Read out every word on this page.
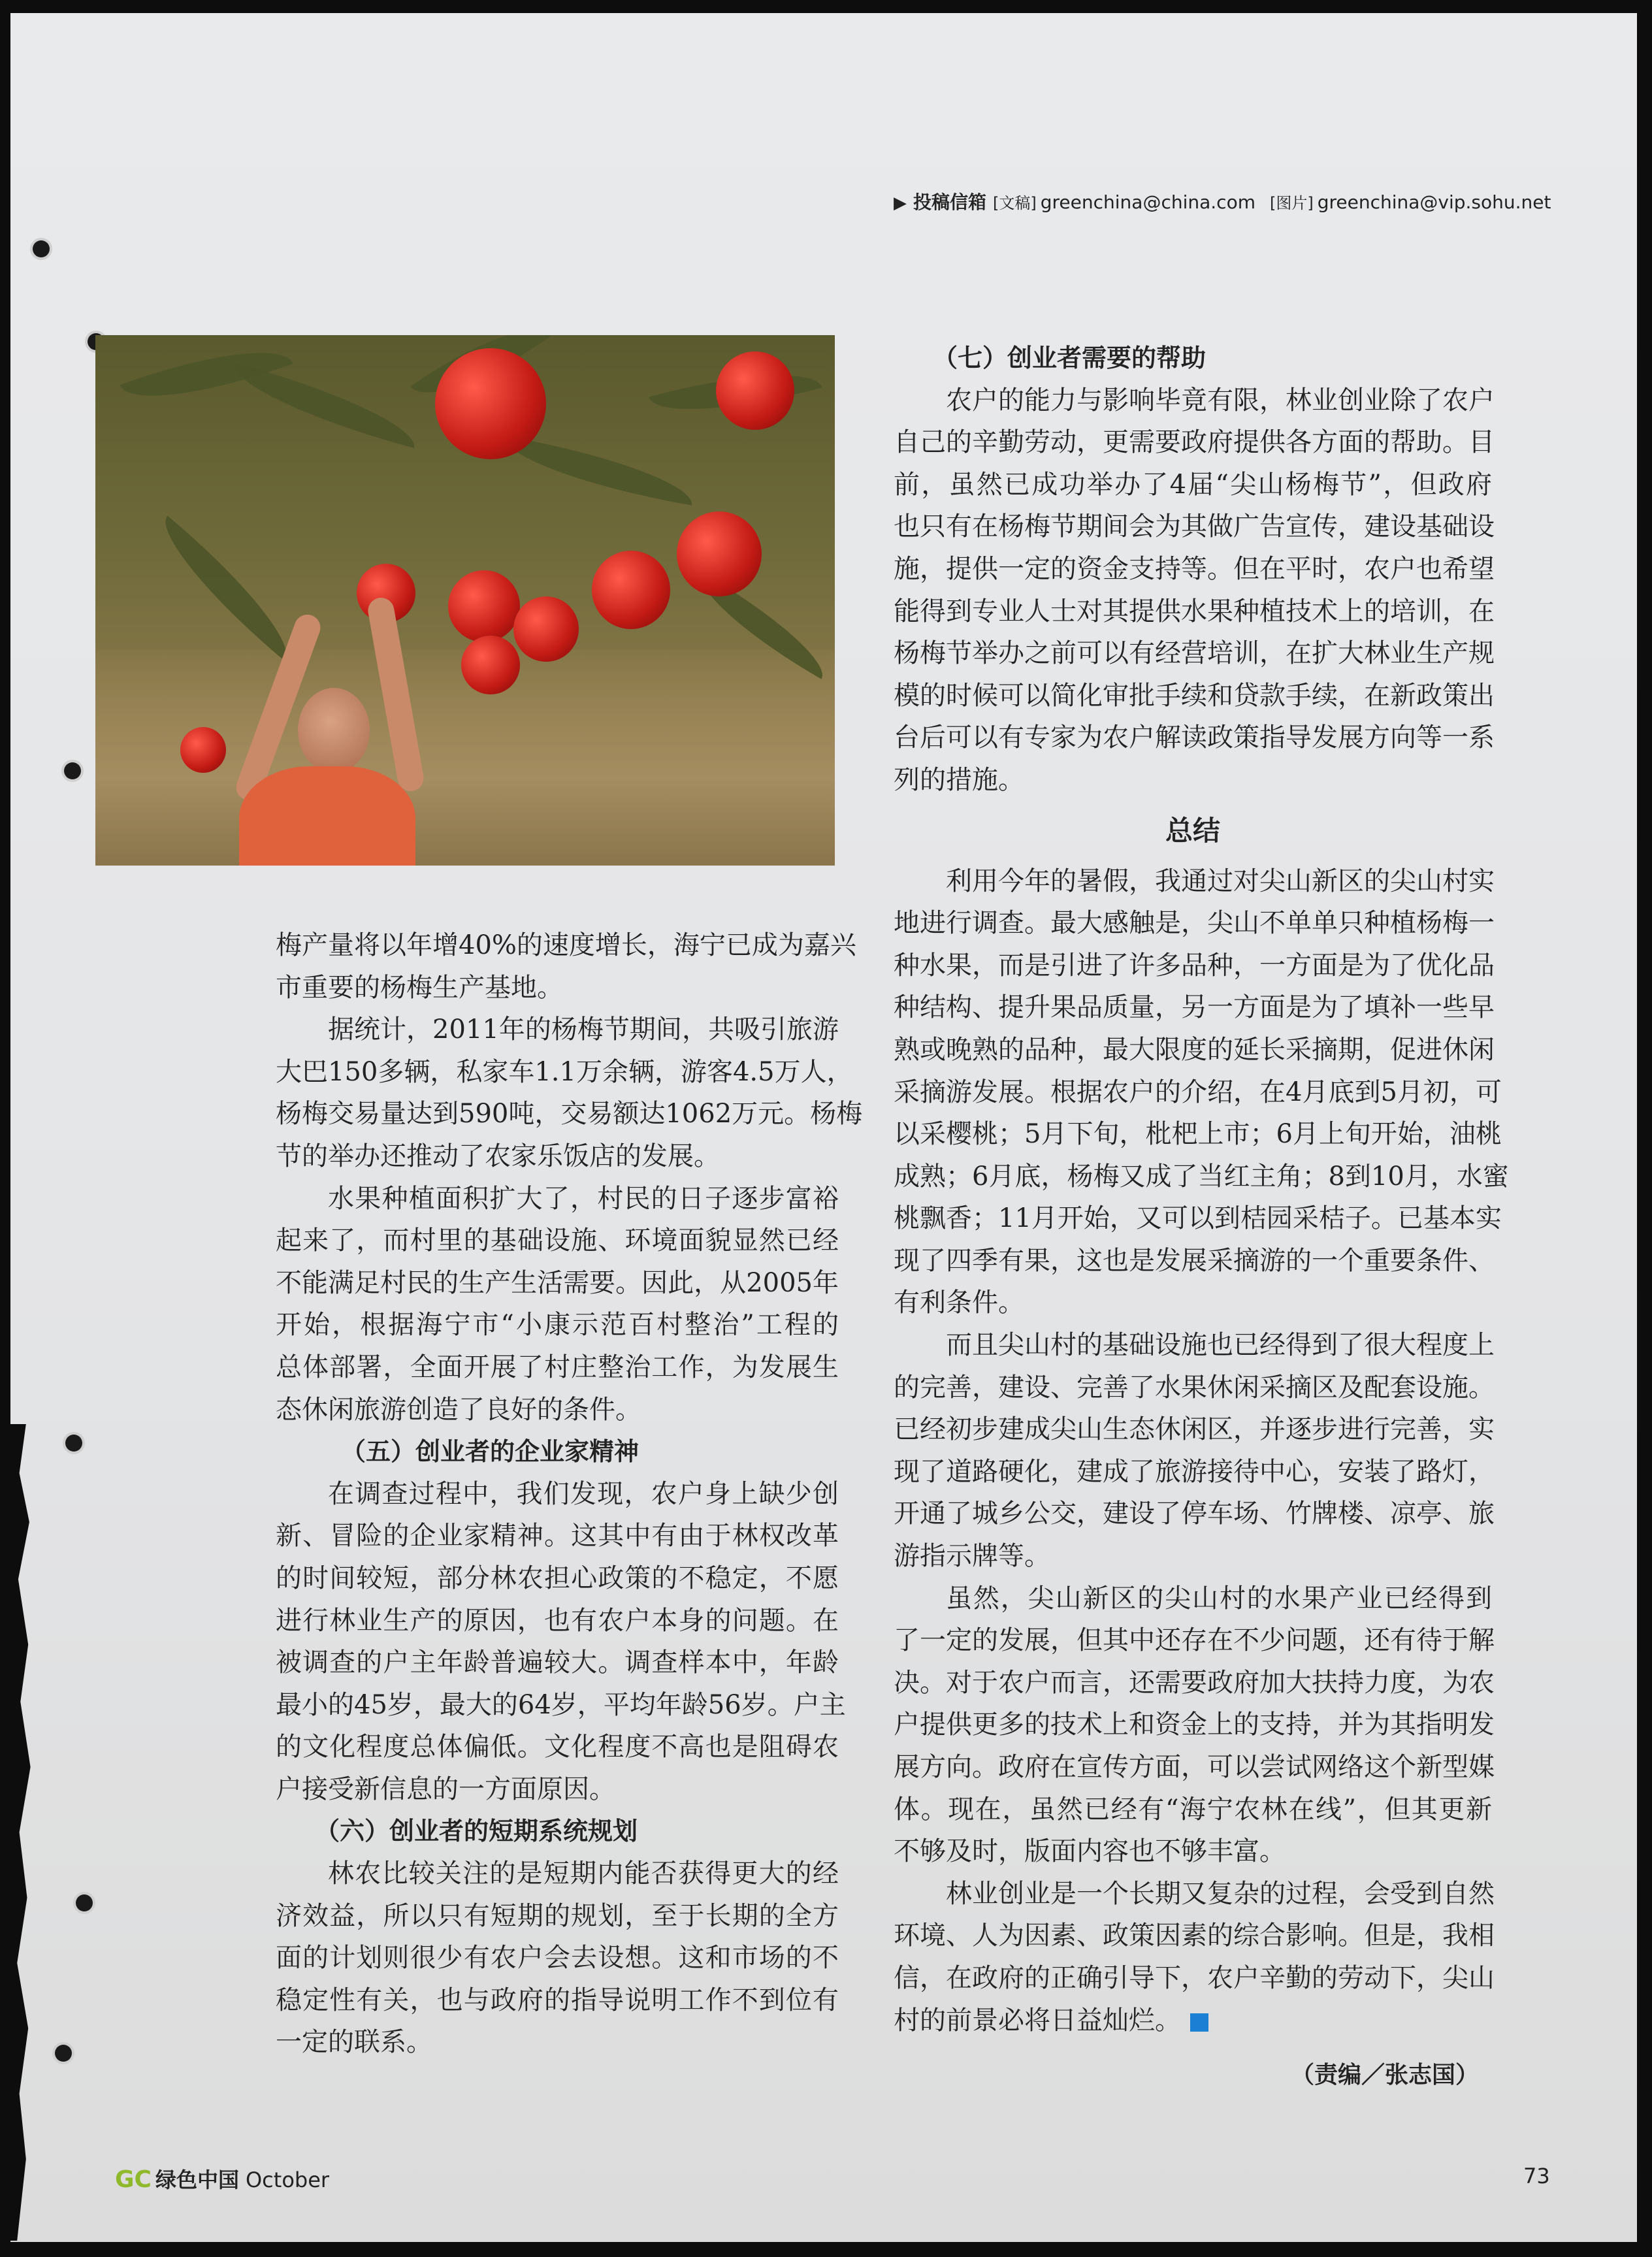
▶ 投稿信箱 [文稿] greenchina@china.com [图片] greenchina@vip.sohu.net
梅产量将以年增40%的速度增长，海宁已成为嘉兴
市重要的杨梅生产基地。
据统计，2011年的杨梅节期间，共吸引旅游
大巴150多辆，私家车1.1万余辆，游客4.5万人，
杨梅交易量达到590吨，交易额达1062万元。杨梅
节的举办还推动了农家乐饭店的发展。
水果种植面积扩大了，村民的日子逐步富裕
起来了，而村里的基础设施、环境面貌显然已经
不能满足村民的生产生活需要。因此，从2005年
开始，根据海宁市“小康示范百村整治”工程的
总体部署，全面开展了村庄整治工作，为发展生
态休闲旅游创造了良好的条件。
（五）创业者的企业家精神
在调查过程中，我们发现，农户身上缺少创
新、冒险的企业家精神。这其中有由于林权改革
的时间较短，部分林农担心政策的不稳定，不愿
进行林业生产的原因，也有农户本身的问题。在
被调查的户主年龄普遍较大。调查样本中，年龄
最小的45岁，最大的64岁，平均年龄56岁。户主
的文化程度总体偏低。文化程度不高也是阻碍农
户接受新信息的一方面原因。
（六）创业者的短期系统规划
林农比较关注的是短期内能否获得更大的经
济效益，所以只有短期的规划，至于长期的全方
面的计划则很少有农户会去设想。这和市场的不
稳定性有关，也与政府的指导说明工作不到位有
一定的联系。
（七）创业者需要的帮助
农户的能力与影响毕竟有限，林业创业除了农户
自己的辛勤劳动，更需要政府提供各方面的帮助。目
前，虽然已成功举办了4届“尖山杨梅节”，但政府
也只有在杨梅节期间会为其做广告宣传，建设基础设
施，提供一定的资金支持等。但在平时，农户也希望
能得到专业人士对其提供水果种植技术上的培训，在
杨梅节举办之前可以有经营培训，在扩大林业生产规
模的时候可以简化审批手续和贷款手续，在新政策出
台后可以有专家为农户解读政策指导发展方向等一系
列的措施。
总结
利用今年的暑假，我通过对尖山新区的尖山村实
地进行调查。最大感触是，尖山不单单只种植杨梅一
种水果，而是引进了许多品种，一方面是为了优化品
种结构、提升果品质量，另一方面是为了填补一些早
熟或晚熟的品种，最大限度的延长采摘期，促进休闲
采摘游发展。根据农户的介绍，在4月底到5月初，可
以采樱桃；5月下旬，枇杷上市；6月上旬开始，油桃
成熟；6月底，杨梅又成了当红主角；8到10月，水蜜
桃飘香；11月开始，又可以到桔园采桔子。已基本实
现了四季有果，这也是发展采摘游的一个重要条件、
有利条件。
而且尖山村的基础设施也已经得到了很大程度上
的完善，建设、完善了水果休闲采摘区及配套设施。
已经初步建成尖山生态休闲区，并逐步进行完善，实
现了道路硬化，建成了旅游接待中心，安装了路灯，
开通了城乡公交，建设了停车场、竹牌楼、凉亭、旅
游指示牌等。
虽然，尖山新区的尖山村的水果产业已经得到
了一定的发展，但其中还存在不少问题，还有待于解
决。对于农户而言，还需要政府加大扶持力度，为农
户提供更多的技术上和资金上的支持，并为其指明发
展方向。政府在宣传方面，可以尝试网络这个新型媒
体。现在，虽然已经有“海宁农林在线”，但其更新
不够及时，版面内容也不够丰富。
林业创业是一个长期又复杂的过程，会受到自然
环境、人为因素、政策因素的综合影响。但是，我相
信，在政府的正确引导下，农户辛勤的劳动下，尖山
村的前景必将日益灿烂。
（责编／张志国）
GC 绿色中国 October	73
